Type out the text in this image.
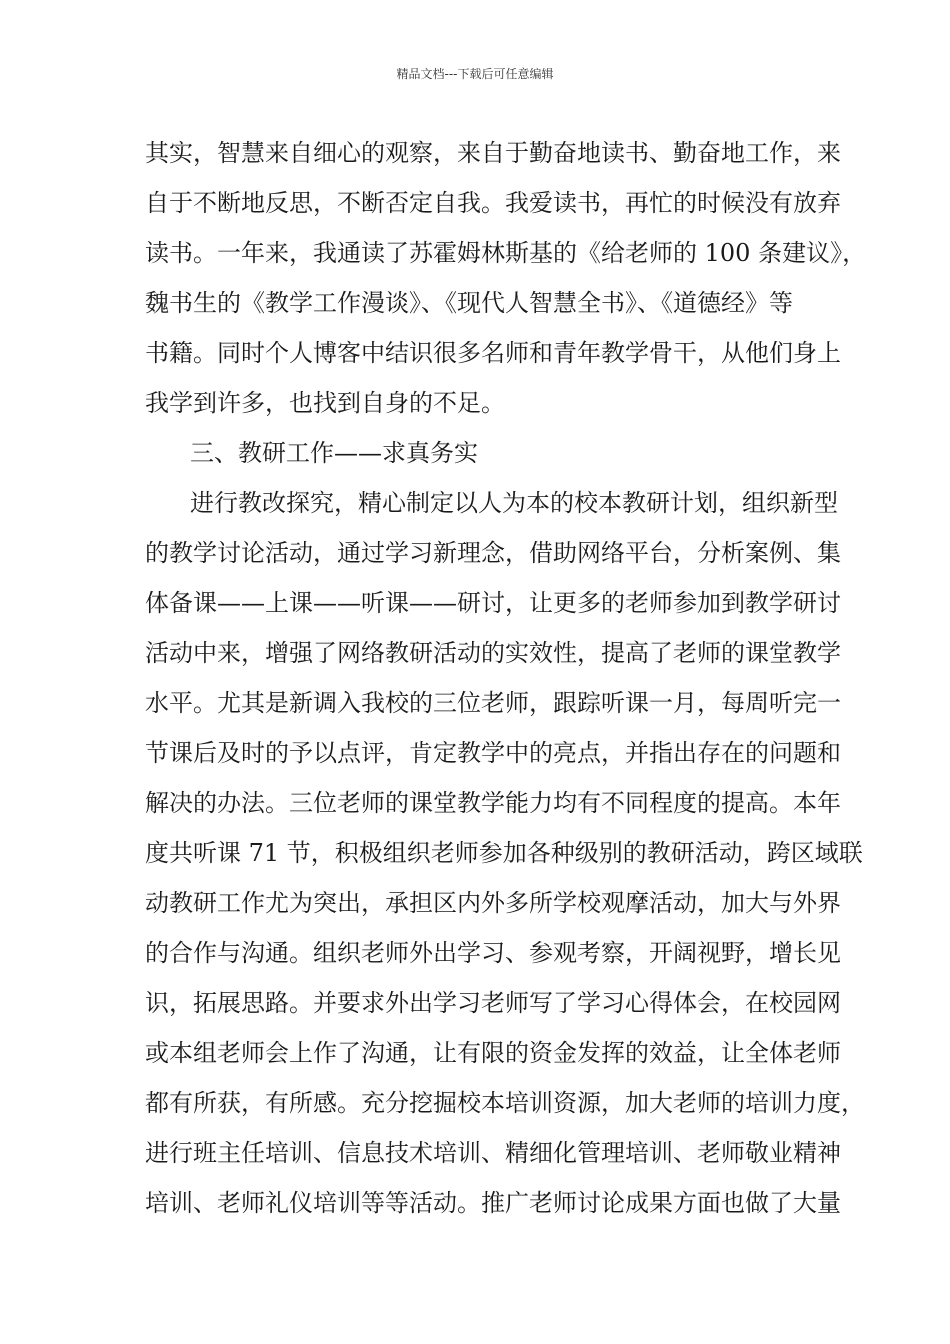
精品文档---下载后可任意编辑
其实，智慧来自细心的观察，来自于勤奋地读书、勤奋地工作，来
自于不断地反思，不断否定自我。我爱读书，再忙的时候没有放弃
读书。一年来，我通读了苏霍姆林斯基的《给老师的 100 条建议》，
魏书生的《教学工作漫谈》、《现代人智慧全书》、《道德经》等
书籍。同时个人博客中结识很多名师和青年教学骨干，从他们身上
我学到许多，也找到自身的不足。
三、教研工作——求真务实
进行教改探究，精心制定以人为本的校本教研计划，组织新型
的教学讨论活动，通过学习新理念，借助网络平台，分析案例、集
体备课——上课——听课——研讨，让更多的老师参加到教学研讨
活动中来，增强了网络教研活动的实效性，提高了老师的课堂教学
水平。尤其是新调入我校的三位老师，跟踪听课一月，每周听完一
节课后及时的予以点评，肯定教学中的亮点，并指出存在的问题和
解决的办法。三位老师的课堂教学能力均有不同程度的提高。本年
度共听课 71 节，积极组织老师参加各种级别的教研活动，跨区域联
动教研工作尤为突出，承担区内外多所学校观摩活动，加大与外界
的合作与沟通。组织老师外出学习、参观考察，开阔视野，增长见
识，拓展思路。并要求外出学习老师写了学习心得体会，在校园网
或本组老师会上作了沟通，让有限的资金发挥的效益，让全体老师
都有所获，有所感。充分挖掘校本培训资源，加大老师的培训力度，
进行班主任培训、信息技术培训、精细化管理培训、老师敬业精神
培训、老师礼仪培训等等活动。推广老师讨论成果方面也做了大量
